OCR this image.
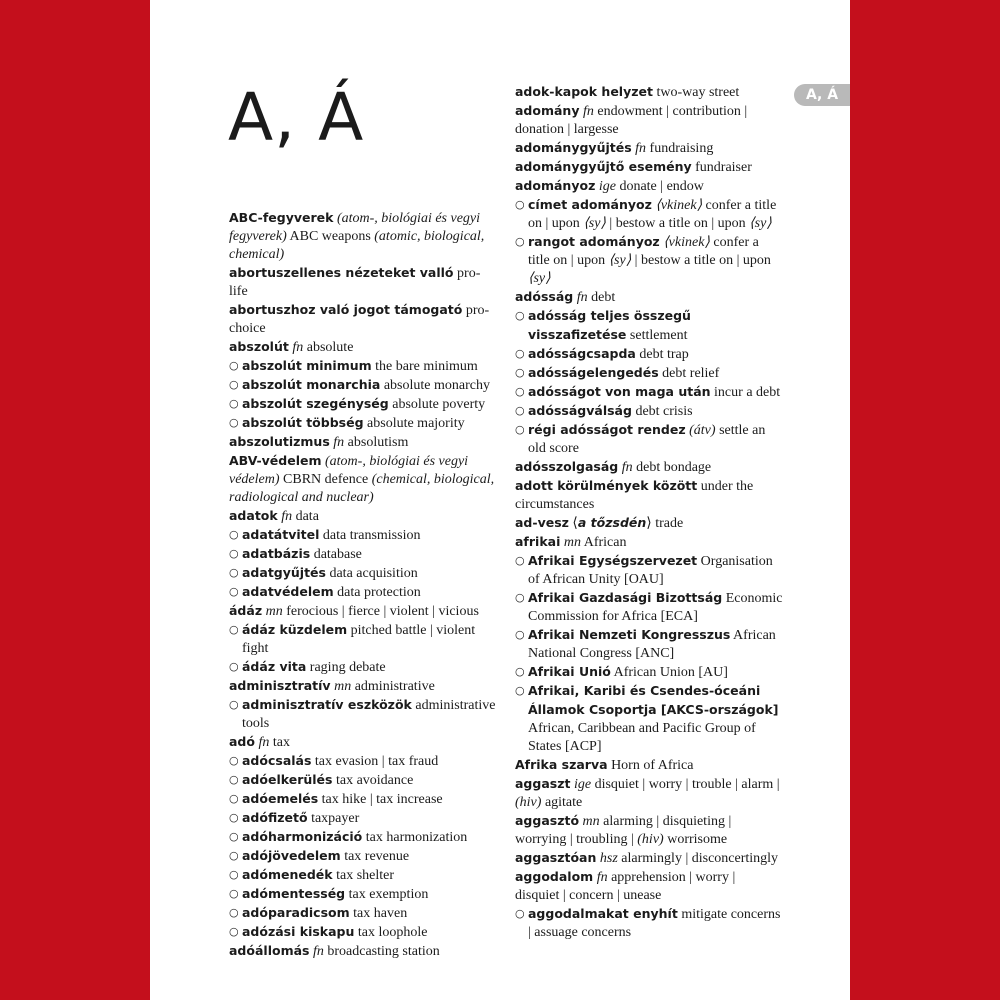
A, Á	A, Á
ABC-fegyverek (atom-, biológiai és vegyi fegyverek) ABC weapons (atomic, biological, chemical)
abortuszellenes nézeteket valló pro-life
abortuszhoz való jogot támogató pro-choice
abszolút fn absolute
○ abszolút minimum the bare minimum
○ abszolút monarchia absolute monarchy
○ abszolút szegénység absolute poverty
○ abszolút többség absolute majority
abszolutizmus fn absolutism
ABV-védelem (atom-, biológiai és vegyi védelem) CBRN defence (chemical, biological, radiological and nuclear)
adatok fn data
○ adatátvitel data transmission
○ adatbázis database
○ adatgyűjtés data acquisition
○ adatvédelem data protection
ádáz mn ferocious | fierce | violent | vicious
○ ádáz küzdelem pitched battle | violent fight
○ ádáz vita raging debate
adminisztratív mn administrative
○ adminisztratív eszközök administrative tools
adó fn tax
○ adócsalás tax evasion | tax fraud
○ adóelkerülés tax avoidance
○ adóemelés tax hike | tax increase
○ adófizető taxpayer
○ adóharmonizáció tax harmonization
○ adójövedelem tax revenue
○ adómenedék tax shelter
○ adómentesség tax exemption
○ adóparadicsom tax haven
○ adózási kiskapu tax loophole
adóállomás fn broadcasting station
adok-kapok helyzet two-way street
adomány fn endowment | contribution | donation | largesse
adománygyűjtés fn fundraising
adománygyűjtő esemény fundraiser
adományoz ige donate | endow
○ címet adományoz ⟨vkinek⟩ confer a title on | upon ⟨sy⟩ | bestow a title on | upon ⟨sy⟩
○ rangot adományoz ⟨vkinek⟩ confer a title on | upon ⟨sy⟩ | bestow a title on | upon ⟨sy⟩
adósság fn debt
○ adósság teljes összegű visszafizetése settlement
○ adósságcsapda debt trap
○ adósságelengedés debt relief
○ adósságot von maga után incur a debt
○ adósságválság debt crisis
○ régi adósságot rendez (átv) settle an old score
adósszolgaság fn debt bondage
adott körülmények között under the circumstances
ad-vesz ⟨a tőzsdén⟩ trade
afrikai mn African
○ Afrikai Egységszervezet Organisation of African Unity [OAU]
○ Afrikai Gazdasági Bizottság Economic Commission for Africa [ECA]
○ Afrikai Nemzeti Kongresszus African National Congress [ANC]
○ Afrikai Unió African Union [AU]
○ Afrikai, Karibi és Csendes-óceáni Államok Csoportja [AKCS-országok] African, Caribbean and Pacific Group of States [ACP]
Afrika szarva Horn of Africa
aggaszt ige disquiet | worry | trouble | alarm | (hiv) agitate
aggasztó mn alarming | disquieting | worrying | troubling | (hiv) worrisome
aggasztóan hsz alarmingly | disconcertingly
aggodalom fn apprehension | worry | disquiet | concern | unease
○ aggodalmakat enyhít mitigate concerns | assuage concerns
